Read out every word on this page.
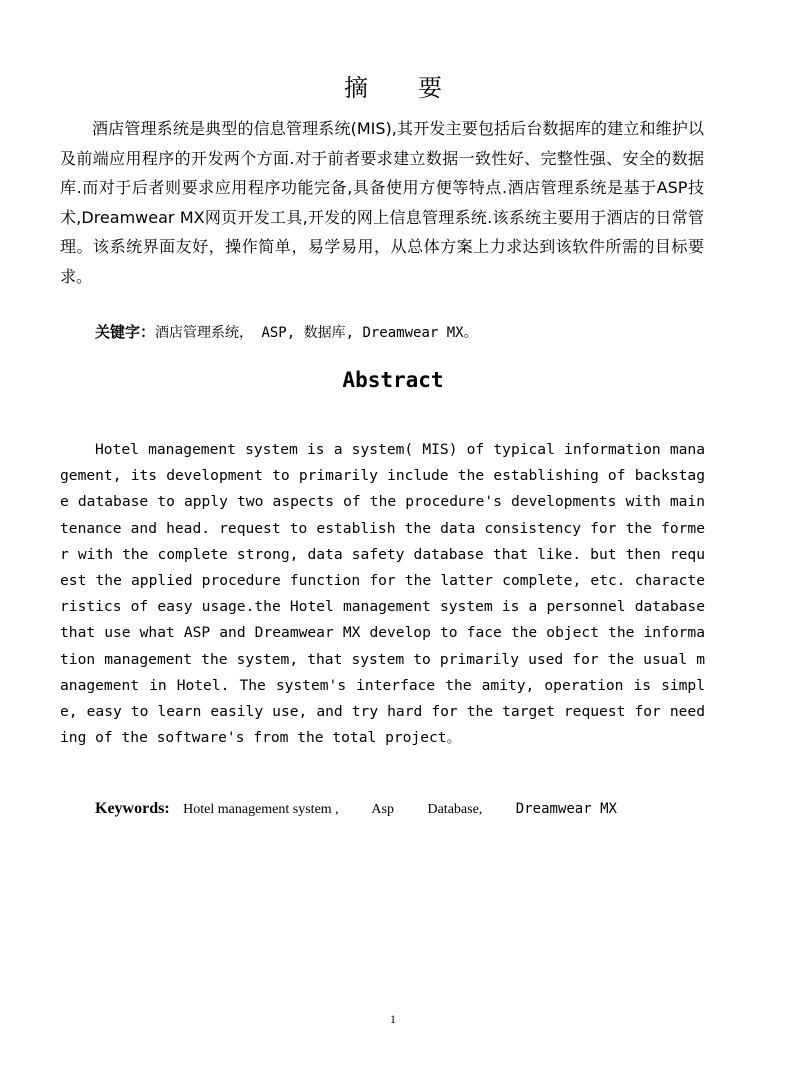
摘要

酒店管理系统是典型的信息管理系统(MIS),其开发主要包括后台数据库的建立和维护以及前端应用程序的开发两个方面.对于前者要求建立数据一致性好、完整性强、安全的数据库.而对于后者则要求应用程序功能完备,具备使用方便等特点.酒店管理系统是基于ASP技术,Dreamwear MX网页开发工具,开发的网上信息管理系统.该系统主要用于酒店的日常管理。该系统界面友好，操作简单，易学易用，从总体方案上力求达到该软件所需的目标要求。

关键字：酒店管理系统， ASP, 数据库, Dreamwear MX。
Abstract

Hotel management system is a system( MIS) of typical information management, its development to primarily include the establishing of backstage database to apply two aspects of the procedure's developments with maintenance and head. request to establish the data consistency for the former with the complete strong, data safety database that like. but then request the applied procedure function for the latter complete, etc. characteristics of easy usage.the Hotel management system is a personnel database that use what ASP and Dreamwear MX develop to face the object the information management the system, that system to primarily used for the usual management in Hotel. The system's interface the amity, operation is simple, easy to learn easily use, and try hard for the target request for needing of the software's from the total project。

Keywords: Hotel management system , Asp Database, Dreamwear MX
1
